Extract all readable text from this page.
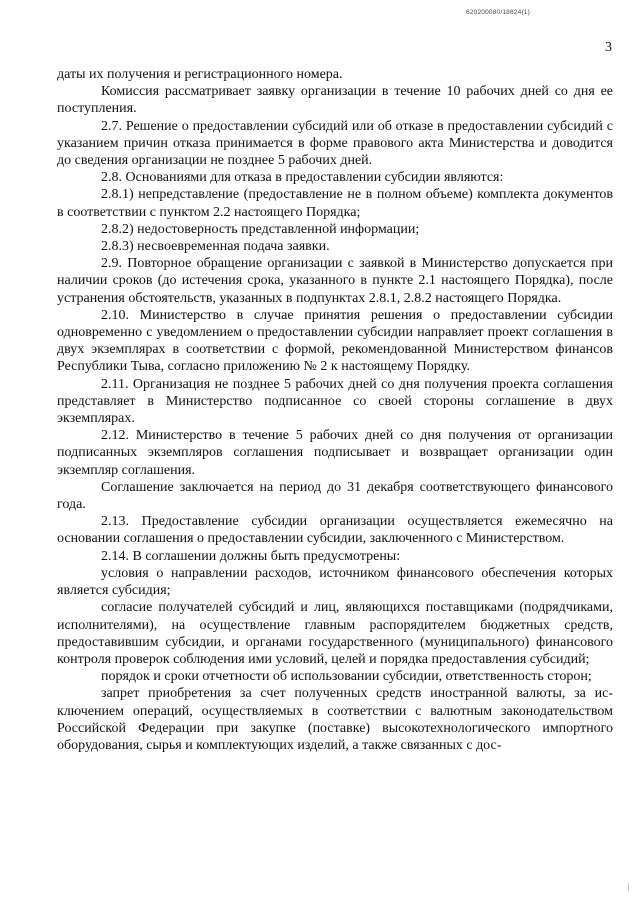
620200080/18624(1)
3

даты их получения и регистрационного номера.

Комиссия рассматривает заявку организации в течение 10 рабочих дней со дня ее поступления.

2.7. Решение о предоставлении субсидий или об отказе в предоставлении субсидий с указанием причин отказа принимается в форме правового акта Министерства и доводится до сведения организации не позднее 5 рабочих дней.

2.8. Основаниями для отказа в предоставлении субсидии являются:

2.8.1) непредставление (предоставление не в полном объеме) комплекта документов в соответствии с пунктом 2.2 настоящего Порядка;

2.8.2) недостоверность представленной информации;

2.8.3) несвоевременная подача заявки.

2.9. Повторное обращение организации с заявкой в Министерство допускается при наличии сроков (до истечения срока, указанного в пункте 2.1 настоящего Порядка), после устранения обстоятельств, указанных в подпунктах 2.8.1, 2.8.2 настоящего Порядка.

2.10. Министерство в случае принятия решения о предоставлении субсидии одновременно с уведомлением о предоставлении субсидии направляет проект соглашения в двух экземплярах в соответствии с формой, рекомендованной Министерством финансов Республики Тыва, согласно приложению № 2 к настоящему Порядку.

2.11. Организация не позднее 5 рабочих дней со дня получения проекта соглашения представляет в Министерство подписанное со своей стороны соглашение в двух экземплярах.

2.12. Министерство в течение 5 рабочих дней со дня получения от организации подписанных экземпляров соглашения подписывает и возвращает организации один экземпляр соглашения.

Соглашение заключается на период до 31 декабря соответствующего финансового года.

2.13. Предоставление субсидии организации осуществляется ежемесячно на основании соглашения о предоставлении субсидии, заключенного с Министерством.

2.14. В соглашении должны быть предусмотрены:

условия о направлении расходов, источником финансового обеспечения которых является субсидия;

согласие получателей субсидий и лиц, являющихся поставщиками (подрядчиками, исполнителями), на осуществление главным распорядителем бюджетных средств, предоставившим субсидии, и органами государственного (муниципального) финансового контроля проверок соблюдения ими условий, целей и порядка предоставления субсидий;

порядок и сроки отчетности об использовании субсидии, ответственность сторон;

запрет приобретения за счет полученных средств иностранной валюты, за исключением операций, осуществляемых в соответствии с валютным законодательством Российской Федерации при закупке (поставке) высокотехнологического импортного оборудования, сырья и комплектующих изделий, а также связанных с дос-

⁄
